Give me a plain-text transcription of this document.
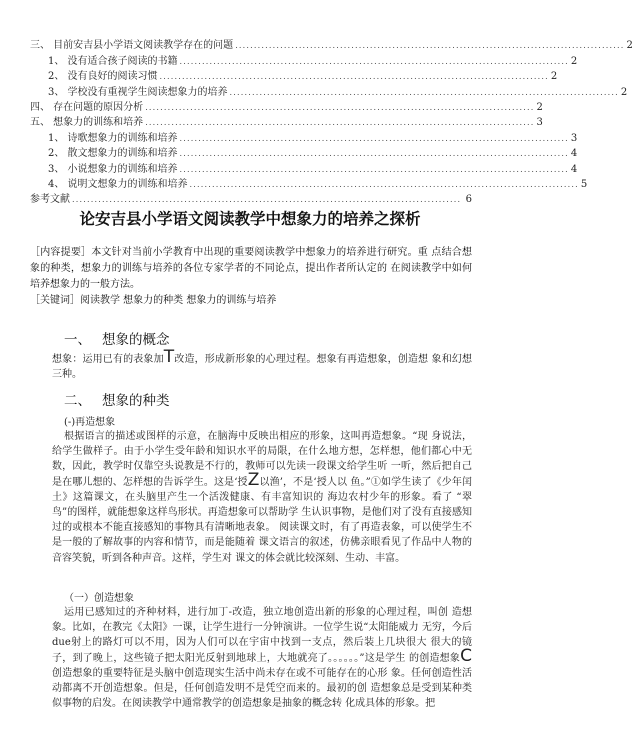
三、 目前安吉县小学语文阅读教学存在的问题 ........................................................................................................ 2
1、 没有适合孩子阅读的书籍 ........................................................................................................ 2
2、 没有良好的阅读习惯 ........................................................................................................ 2
3、 学校没有重视学生阅读想象力的培养 ........................................................................................................ 2
四、 存在问题的原因分析 ........................................................................................................ 2
五、 想象力的训练和培养 ........................................................................................................ 3
1、 诗歌想象力的训练和培养 ........................................................................................................ 3
2、 散文想象力的训练和培养 ........................................................................................................ 4
3、 小说想象力的训练和培养 ........................................................................................................ 4
4、 说明文想象力的训练和培养 ........................................................................................................ 5
参考文献 ........................................................................................................ 6
论安吉县小学语文阅读教学中想象力的培养之探析
［内容提要］本文针对当前小学教育中出现的重要阅读教学中想象力的培养进行研究。重 点结合想象的种类，想象力的训练与培养的各位专家学者的不同论点，提出作者所认定的 在阅读教学中如何培养想象力的一般方法。
［关键词］阅读教学 想象力的种类 想象力的训练与培养
一、 想象的概念
想象：运用已有的表象加T改造，形成新形象的心理过程。想象有再造想象，创造想 象和幻想三种。
二、 想象的种类
(-)再造想象
根据语言的描述或图样的示意，在脑海中反映出相应的形象，这叫再造想象。“现 身说法，给学生做样子。由于小学生受年龄和知识水平的局限，在什么地方想，怎样想，他们都心中无数，因此，教学时仅靠空头说教是不行的，教师可以先读一段课文给学生听 一听，然后把自己是在哪儿想的、怎样想的告诉学生。这是‘授Z以渔’，不是‘授人以 鱼。”①如学生读了《少年闰土》这篇课文，在头脑里产生一个活泼健康、有丰富知识的 海边农村少年的形象。看了 “翠鸟”的图样，就能想象这样鸟形状。再造想象可以帮助学 生认识事物，是他们对了没有直接感知过的或根本不能直接感知的事物具有清晰地表象。 阅读课文时，有了再造表象，可以使学生不是一般的了解故事的内容和情节，而是能随着 课文语言的叙述，仿佛亲眼看见了作品中人物的音容笑貌，听到各种声音。这样，学生对 课文的体会就比较深刻、生动、丰富。
（一）创造想象
运用已感知过的齐种材料，进行加丁-改造，独立地创造出新的形象的心理过程，叫创 造想象。比如，在教完《太阳》一课，让学生进行一分钟演讲。一位学生说“太阳能威力 无穷，今后due射上的路灯可以不用，因为人们可以在宇宙中找到一支点，然后装上几块很大 很大的镜子，到了晚上，这些镜子把太阳光反射到地球上，大地就亮了。。。。。。”这是学生 的创造想象C创造想象的重要特征是头脑中创造现实生活中尚未存在或不可能存在的心形 象。任何创造性活动都离不开创造想象。但是，任何创造发明不是凭空而来的。最初的创 造想象总是受到某种类似事物的启发。在阅读教学中通常教学的创造想象是抽象的概念转 化成具体的形象。把
